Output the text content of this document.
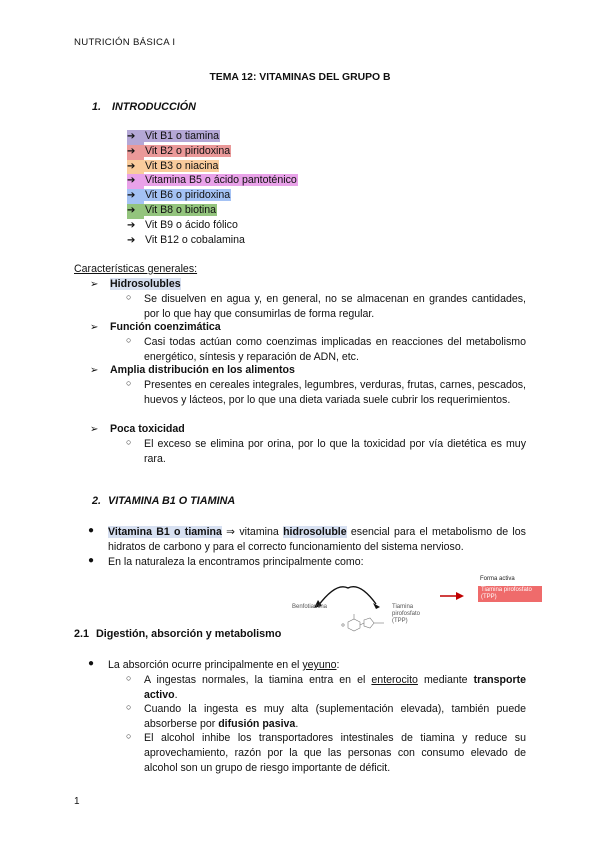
NUTRICIÓN BÁSICA I
TEMA 12: VITAMINAS DEL GRUPO B
1. INTRODUCCIÓN
➔ Vit B1 o tiamina
➔ Vit B2 o piridoxina
➔ Vit B3 o niacina
➔ Vitamina B5 o ácido pantoténico
➔ Vit B6 o piridoxina
➔ Vit B8 o biotina
➔ Vit B9 o ácido fólico
➔ Vit B12 o cobalamina
Características generales:
➢ Hidrosolubles
○ Se disuelven en agua y, en general, no se almacenan en grandes cantidades, por lo que hay que consumirlas de forma regular.
➢ Función coenzimática
○ Casi todas actúan como coenzimas implicadas en reacciones del metabolismo energético, síntesis y reparación de ADN, etc.
➢ Amplia distribución en los alimentos
○ Presentes en cereales integrales, legumbres, verduras, frutas, carnes, pescados, huevos y lácteos, por lo que una dieta variada suele cubrir los requerimientos.
➢ Poca toxicidad
○ El exceso se elimina por orina, por lo que la toxicidad por vía dietética es muy rara.
2. VITAMINA B1 O TIAMINA
● Vitamina B1 o tiamina ⇒ vitamina hidrosoluble esencial para el metabolismo de los hidratos de carbono y para el correcto funcionamiento del sistema nervioso.
● En la naturaleza la encontramos principalmente como:
Benfotiamina	Tiamina pirofosfato (TPP)
Forma activa
Tiamina pirofosfato (TPP)
2.1 Digestión, absorción y metabolismo
● La absorción ocurre principalmente en el yeyuno:
○ A ingestas normales, la tiamina entra en el enterocito mediante transporte activo.
○ Cuando la ingesta es muy alta (suplementación elevada), también puede absorberse por difusión pasiva.
○ El alcohol inhibe los transportadores intestinales de tiamina y reduce su aprovechamiento, razón por la que las personas con consumo elevado de alcohol son un grupo de riesgo importante de déficit.
1
